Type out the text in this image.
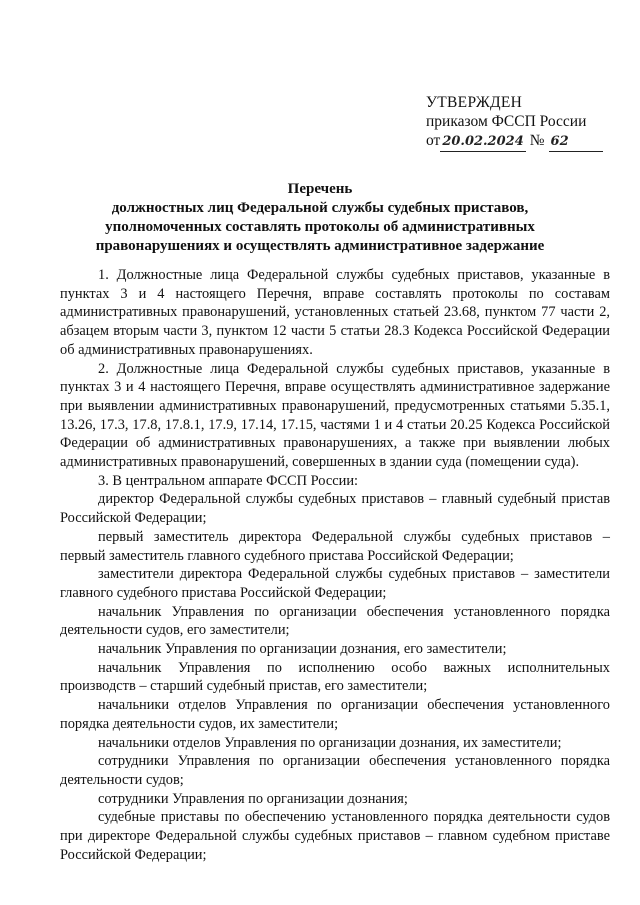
УТВЕРЖДЕН
приказом ФССП России
от 20.02.2024 № 62
Перечень
должностных лиц Федеральной службы судебных приставов,
уполномоченных составлять протоколы об административных
правонарушениях и осуществлять административное задержание

1. Должностные лица Федеральной службы судебных приставов, указанные в пунктах 3 и 4 настоящего Перечня, вправе составлять протоколы по составам административных правонарушений, установленных статьей 23.68, пунктом 77 части 2, абзацем вторым части 3, пунктом 12 части 5 статьи 28.3 Кодекса Российской Федерации об административных правонарушениях.

2. Должностные лица Федеральной службы судебных приставов, указанные в пунктах 3 и 4 настоящего Перечня, вправе осуществлять административное задержание при выявлении административных правонарушений, предусмотренных статьями 5.35.1, 13.26, 17.3, 17.8, 17.8.1, 17.9, 17.14, 17.15, частями 1 и 4 статьи 20.25 Кодекса Российской Федерации об административных правонарушениях, а также при выявлении любых административных правонарушений, совершенных в здании суда (помещении суда).

3. В центральном аппарате ФССП России:

директор Федеральной службы судебных приставов – главный судебный пристав Российской Федерации;

первый заместитель директора Федеральной службы судебных приставов – первый заместитель главного судебного пристава Российской Федерации;

заместители директора Федеральной службы судебных приставов – заместители главного судебного пристава Российской Федерации;

начальник Управления по организации обеспечения установленного порядка деятельности судов, его заместители;

начальник Управления по организации дознания, его заместители;

начальник Управления по исполнению особо важных исполнительных производств – старший судебный пристав, его заместители;

начальники отделов Управления по организации обеспечения установленного порядка деятельности судов, их заместители;

начальники отделов Управления по организации дознания, их заместители;

сотрудники Управления по организации обеспечения установленного порядка деятельности судов;

сотрудники Управления по организации дознания;

судебные приставы по обеспечению установленного порядка деятельности судов при директоре Федеральной службы судебных приставов – главном судебном приставе Российской Федерации;
